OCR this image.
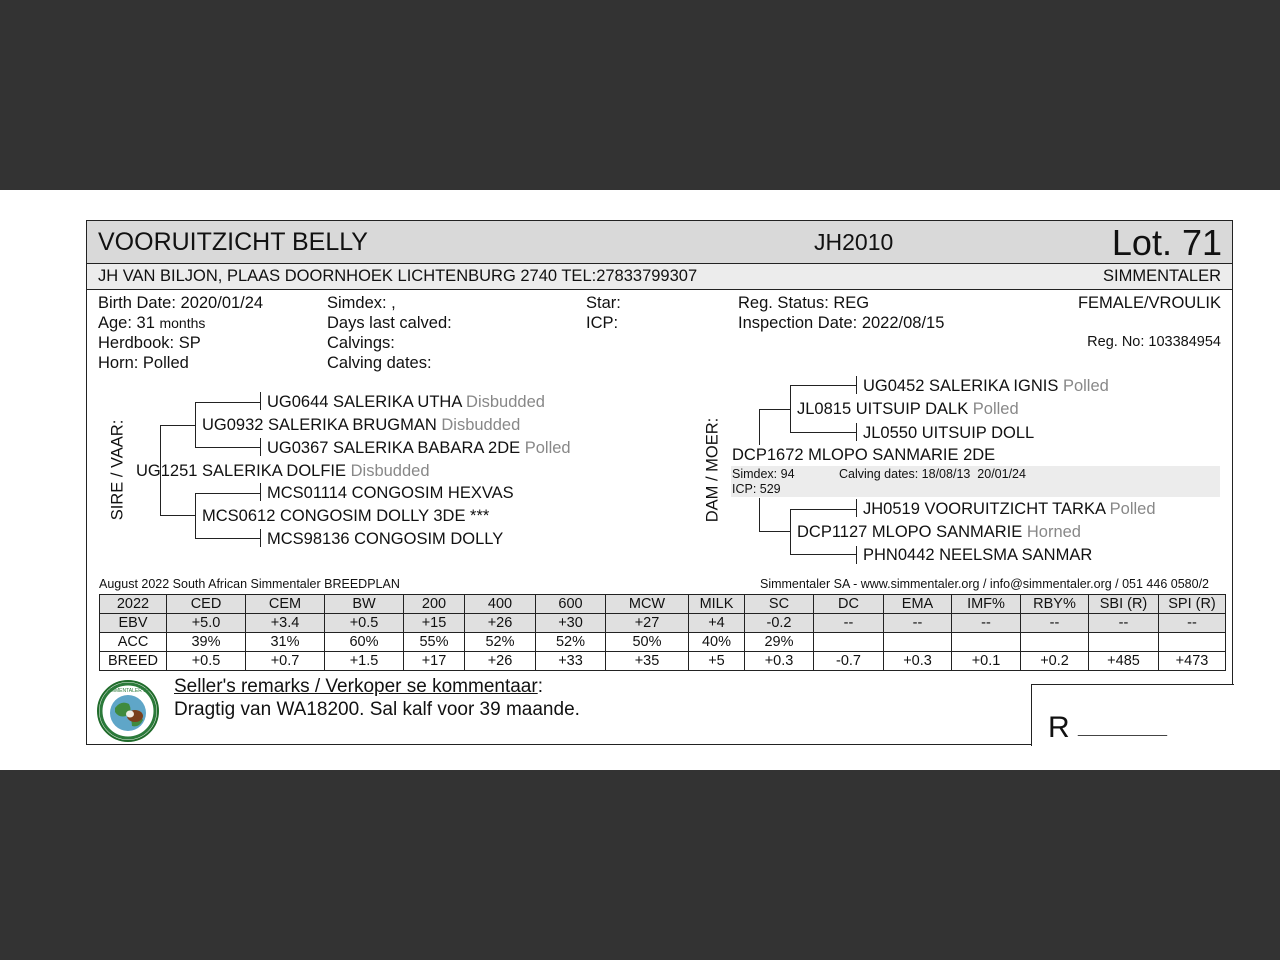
VOORUITZICHT BELLY	JH2010	Lot. 71
JH VAN BILJON, PLAAS DOORNHOEK LICHTENBURG 2740 TEL:27833799307	SIMMENTALER
Birth Date: 2020/01/24
Age: 31 months
Herdbook: SP
Horn: Polled
Simdex: ,
Days last calved:
Calvings:
Calving dates:
Star:
ICP:
Reg. Status: REG
Inspection Date: 2022/08/15
FEMALE/VROULIK
Reg. No: 103384954
SIRE / VAAR:
UG0644 SALERIKA UTHA Disbudded
UG0932 SALERIKA BRUGMAN Disbudded
UG0367 SALERIKA BABARA 2DE Polled
UG1251 SALERIKA DOLFIE Disbudded
MCS01114 CONGOSIM HEXVAS
MCS0612 CONGOSIM DOLLY 3DE ***
MCS98136 CONGOSIM DOLLY
DAM / MOER:
UG0452 SALERIKA IGNIS Polled
JL0815 UITSUIP DALK Polled
JL0550 UITSUIP DOLL
DCP1672 MLOPO SANMARIE 2DE
Simdex: 94
ICP: 529
Calving dates: 18/08/13  20/01/24
JH0519 VOORUITZICHT TARKA Polled
DCP1127 MLOPO SANMARIE Horned
PHN0442 NEELSMA SANMAR
August 2022 South African Simmentaler BREEDPLAN	Simmentaler SA - www.simmentaler.org / info@simmentaler.org / 051 446 0580/2
2022	CED	CEM	BW	200	400	600	MCW	MILK	SC	DC	EMA	IMF%	RBY%	SBI (R)	SPI (R)
EBV	+5.0	+3.4	+0.5	+15	+26	+30	+27	+4	-0.2	--	--	--	--	--	--
ACC	39%	31%	60%	55%	52%	52%	50%	40%	29%						
BREED	+0.5	+0.7	+1.5	+17	+26	+33	+35	+5	+0.3	-0.7	+0.3	+0.1	+0.2	+485	+473
SIMMENTALER SA Seller's remarks / Verkoper se kommentaar:
Dragtig van WA18200. Sal kalf voor 39 maande.
R __________
